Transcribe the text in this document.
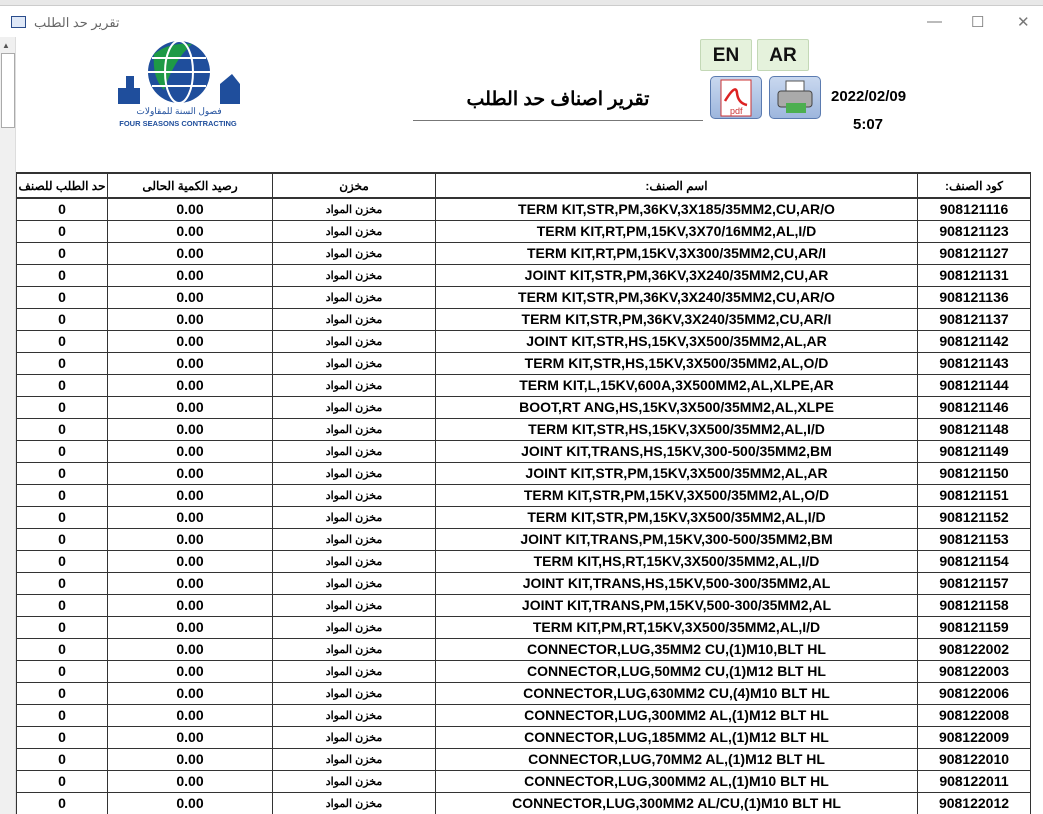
تقرير حد الطلب	— ☐ ✕
▲
فصول السنة للمقاولات
FOUR SEASONS CONTRACTING
EN	AR
pdf
تقرير اصناف حد الطلب	2022/02/09
5:07
حد الطلب للصنف	رصيد الكمية الحالى	مخزن	اسم الصنف:	كود الصنف:
0	0.00	مخزن المواد	TERM KIT,STR,PM,36KV,3X185/35MM2,CU,AR/O	908121116
0	0.00	مخزن المواد	TERM KIT,RT,PM,15KV,3X70/16MM2,AL,I/D	908121123
0	0.00	مخزن المواد	TERM KIT,RT,PM,15KV,3X300/35MM2,CU,AR/I	908121127
0	0.00	مخزن المواد	JOINT KIT,STR,PM,36KV,3X240/35MM2,CU,AR	908121131
0	0.00	مخزن المواد	TERM KIT,STR,PM,36KV,3X240/35MM2,CU,AR/O	908121136
0	0.00	مخزن المواد	TERM KIT,STR,PM,36KV,3X240/35MM2,CU,AR/I	908121137
0	0.00	مخزن المواد	JOINT KIT,STR,HS,15KV,3X500/35MM2,AL,AR	908121142
0	0.00	مخزن المواد	TERM KIT,STR,HS,15KV,3X500/35MM2,AL,O/D	908121143
0	0.00	مخزن المواد	TERM KIT,L,15KV,600A,3X500MM2,AL,XLPE,AR	908121144
0	0.00	مخزن المواد	BOOT,RT ANG,HS,15KV,3X500/35MM2,AL,XLPE	908121146
0	0.00	مخزن المواد	TERM KIT,STR,HS,15KV,3X500/35MM2,AL,I/D	908121148
0	0.00	مخزن المواد	JOINT KIT,TRANS,HS,15KV,300-500/35MM2,BM	908121149
0	0.00	مخزن المواد	JOINT KIT,STR,PM,15KV,3X500/35MM2,AL,AR	908121150
0	0.00	مخزن المواد	TERM KIT,STR,PM,15KV,3X500/35MM2,AL,O/D	908121151
0	0.00	مخزن المواد	TERM KIT,STR,PM,15KV,3X500/35MM2,AL,I/D	908121152
0	0.00	مخزن المواد	JOINT KIT,TRANS,PM,15KV,300-500/35MM2,BM	908121153
0	0.00	مخزن المواد	TERM KIT,HS,RT,15KV,3X500/35MM2,AL,I/D	908121154
0	0.00	مخزن المواد	JOINT KIT,TRANS,HS,15KV,500-300/35MM2,AL	908121157
0	0.00	مخزن المواد	JOINT KIT,TRANS,PM,15KV,500-300/35MM2,AL	908121158
0	0.00	مخزن المواد	TERM KIT,PM,RT,15KV,3X500/35MM2,AL,I/D	908121159
0	0.00	مخزن المواد	CONNECTOR,LUG,35MM2 CU,(1)M10,BLT HL	908122002
0	0.00	مخزن المواد	CONNECTOR,LUG,50MM2 CU,(1)M12 BLT HL	908122003
0	0.00	مخزن المواد	CONNECTOR,LUG,630MM2 CU,(4)M10 BLT HL	908122006
0	0.00	مخزن المواد	CONNECTOR,LUG,300MM2 AL,(1)M12 BLT HL	908122008
0	0.00	مخزن المواد	CONNECTOR,LUG,185MM2 AL,(1)M12 BLT HL	908122009
0	0.00	مخزن المواد	CONNECTOR,LUG,70MM2 AL,(1)M12 BLT HL	908122010
0	0.00	مخزن المواد	CONNECTOR,LUG,300MM2 AL,(1)M10 BLT HL	908122011
0	0.00	مخزن المواد	CONNECTOR,LUG,300MM2 AL/CU,(1)M10 BLT HL	908122012
